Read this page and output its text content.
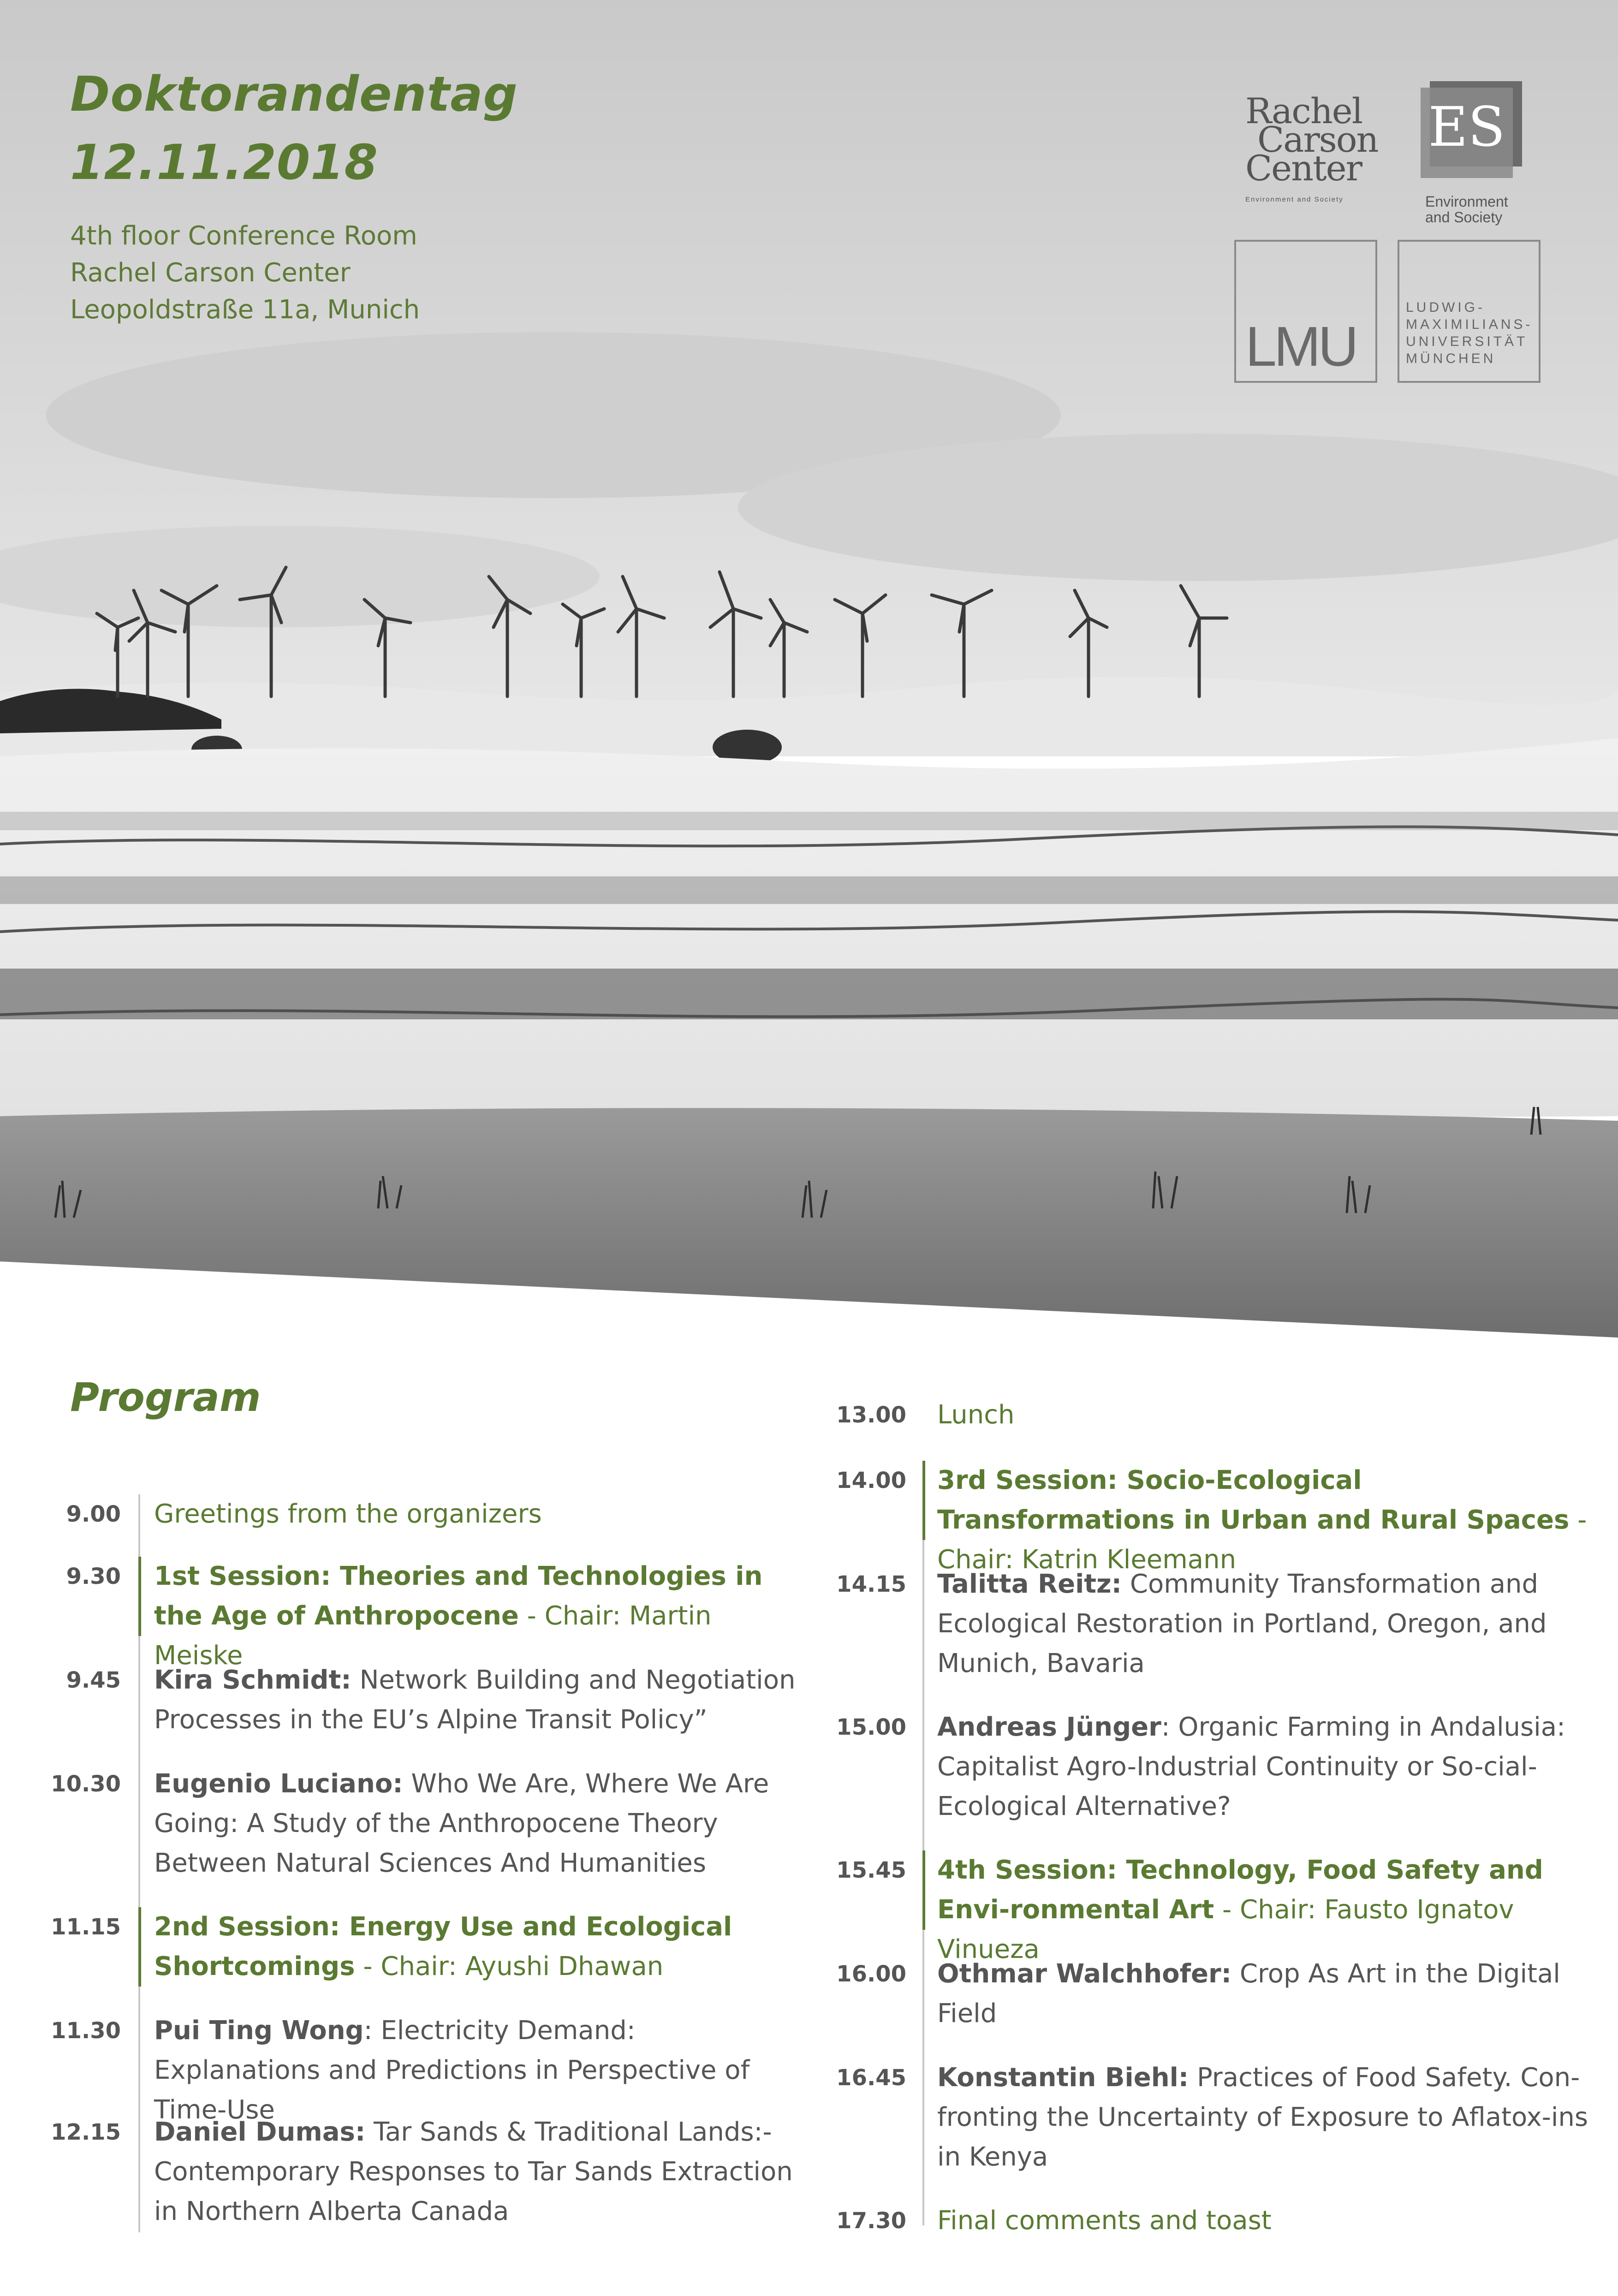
Doktorandentag
12.11.2018
4th floor Conference Room
Rachel Carson Center
Leopoldstraße 11a, Munich
Rachel
Carson
Center
Environment and Society
ES
Environment
and Society
LMU
LUDWIG-
MAXIMILIANS-
UNIVERSITÄT
MÜNCHEN
Program
9.00 Greetings from the organizers
9.30 1st Session: Theories and Technologies in the Age of Anthropocene - Chair: Martin Meiske
9.45 Kira Schmidt: Network Building and Negotiation Processes in the EU’s Alpine Transit Policy”
10.30 Eugenio Luciano: Who We Are, Where We Are Going: A Study of the Anthropocene Theory Between Natural Sciences And Humanities
11.15 2nd Session: Energy Use and Ecological Shortcomings - Chair: Ayushi Dhawan
11.30 Pui Ting Wong: Electricity Demand: Explanations and Predictions in Perspective of Time-Use
12.15 Daniel Dumas: Tar Sands & Traditional Lands:- Contemporary Responses to Tar Sands Extraction in Northern Alberta Canada
13.00 Lunch
14.00 3rd Session: Socio-Ecological Transformations in Urban and Rural Spaces - Chair: Katrin Kleemann
14.15 Talitta Reitz: Community Transformation and Ecological Restoration in Portland, Oregon, and Munich, Bavaria
15.00 Andreas Jünger: Organic Farming in Andalusia: Capitalist Agro-Industrial Continuity or So-cial-Ecological Alternative?
15.45 4th Session: Technology, Food Safety and Envi-ronmental Art - Chair: Fausto Ignatov Vinueza
16.00 Othmar Walchhofer: Crop As Art in the Digital Field
16.45 Konstantin Biehl: Practices of Food Safety. Con-fronting the Uncertainty of Exposure to Aflatox-ins in Kenya
17.30 Final comments and toast
